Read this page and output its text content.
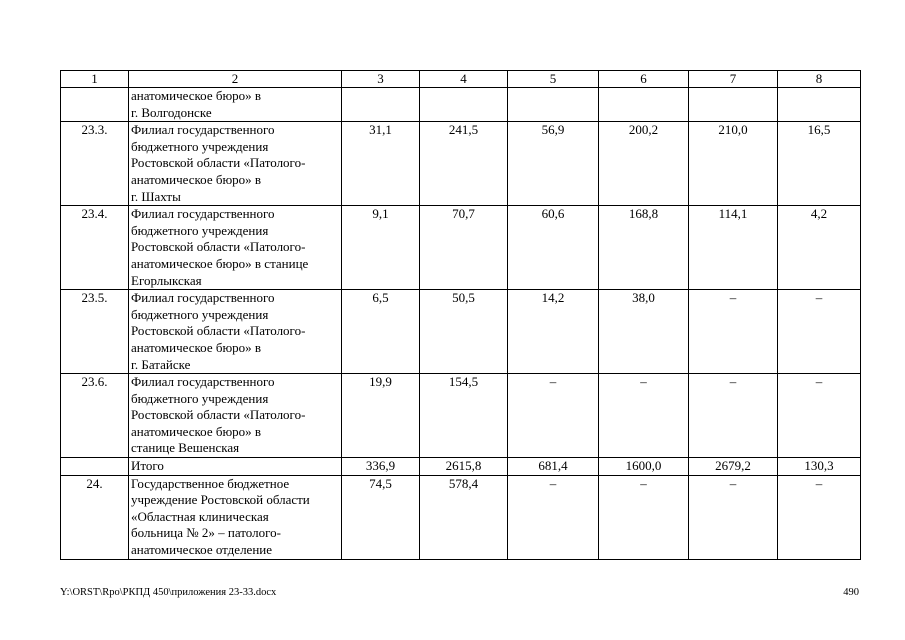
1	2	3	4	5	6	7	8
	анатомическое бюро» в
г. Волгодонске						
23.3.	Филиал государственного
бюджетного учреждения
Ростовской области «Патолого-
анатомическое бюро» в
г. Шахты	31,1	241,5	56,9	200,2	210,0	16,5
23.4.	Филиал государственного
бюджетного учреждения
Ростовской области «Патолого-
анатомическое бюро» в станице
Егорлыкская	9,1	70,7	60,6	168,8	114,1	4,2
23.5.	Филиал государственного
бюджетного учреждения
Ростовской области «Патолого-
анатомическое бюро» в
г. Батайске	6,5	50,5	14,2	38,0	–	–
23.6.	Филиал государственного
бюджетного учреждения
Ростовской области «Патолого-
анатомическое бюро» в
станице Вешенская	19,9	154,5	–	–	–	–
	Итого	336,9	2615,8	681,4	1600,0	2679,2	130,3
24.	Государственное бюджетное
учреждение Ростовской области
«Областная клиническая
больница № 2» – патолого-
анатомическое отделение	74,5	578,4	–	–	–	–
Y:\ORST\Rpo\РКПД 450\приложения 23-33.docx	490
